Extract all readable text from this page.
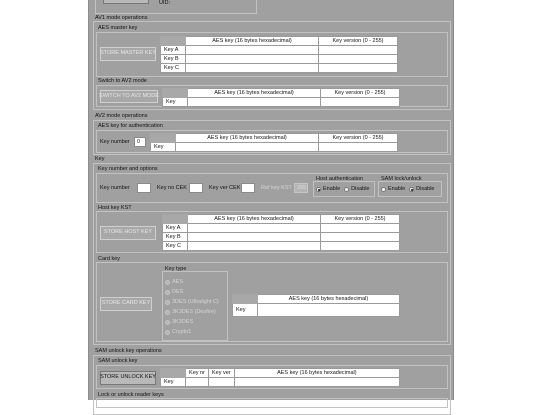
UID:
AV1 mode operations
AES master key
STORE MASTER KEY
	AES key (16 bytes hexadecimal)	Key version (0 - 255)
Key A		
Key B		
Key C		
Switch to AV2 mode
SWITCH TO AV2 MODE
	AES key (16 bytes hexadecimal)	Key version (0 - 255)
Key		
AV2 mode operations
AES key for authentication
Key number	0
	AES key (16 bytes hexadecimal)	Key version (0 - 255)
Key		
Key
Key number and options
Key number	Key no CEK	Key ver CEK	Ref key KST 255
Host authentication
Enable Disable
SAM lock/unlock
Enable Disable
Host key KST
STORE HOST KEY
	AES key (16 bytes hexadecimal)	Key version (0 - 255)
Key A		
Key B		
Key C		
Card key
STORE CARD KEY
Key type
AES
DES
3DES (Ultralight C)
3K3DES (Desfire)
3K3DES
Crypto1
	AES key (16 bytes hexadecimal)
Key	
SAM unlock key operations
SAM unlock key
STORE UNLOCK KEY
	Key nr	Key ver	AES key (16 bytes hexadecimal)
Key			
Lock or unlock reader keys
